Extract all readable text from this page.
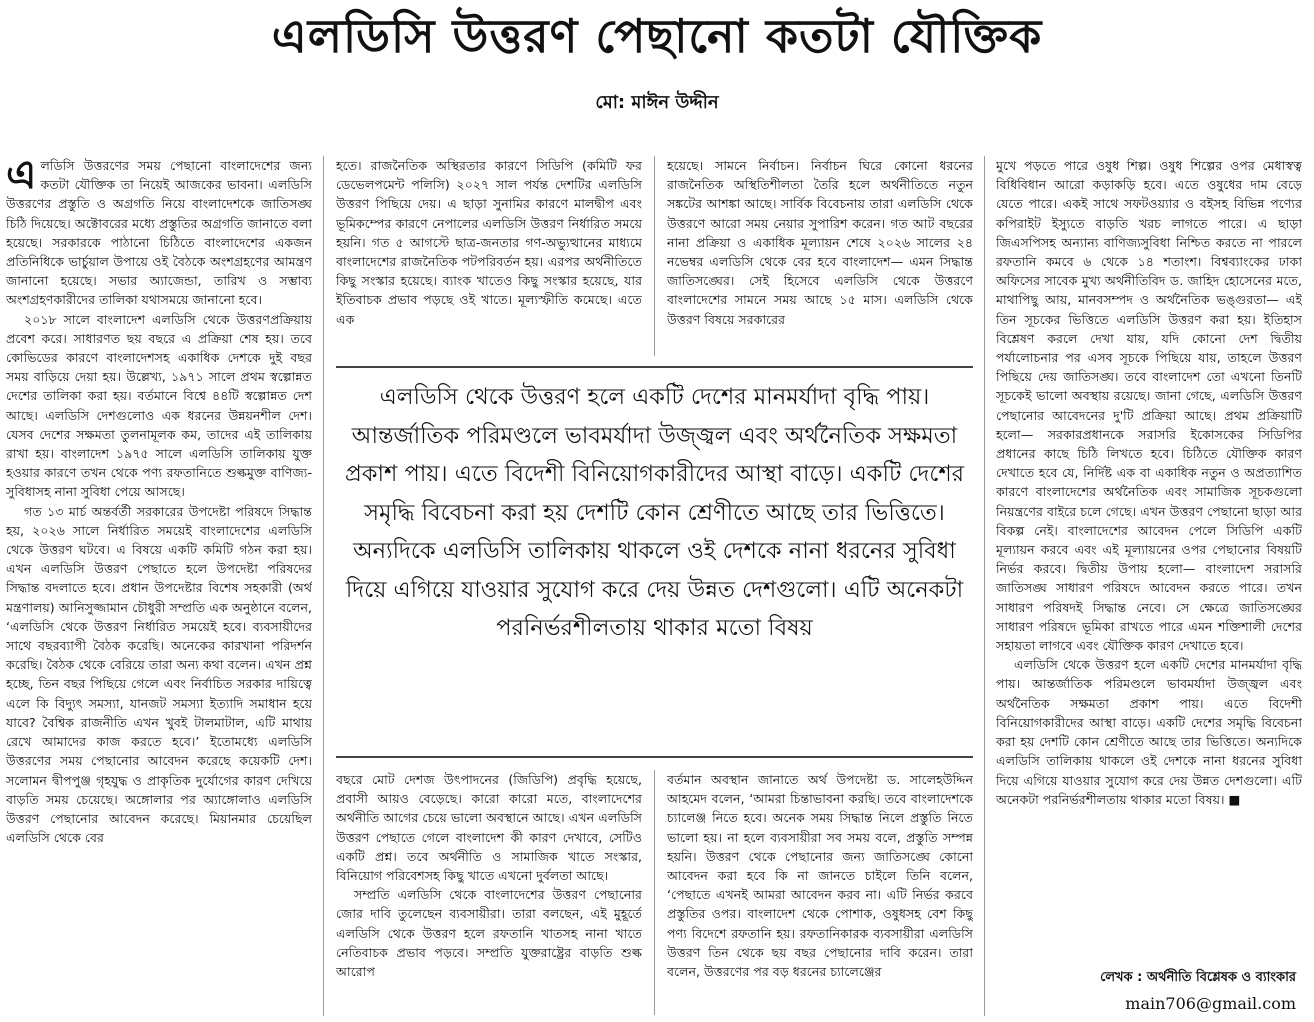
এলডিসি উত্তরণ পেছানো কতটা যৌক্তিক
মো: মাঈন উদ্দীন

এলডিসি উত্তরণের সময় পেছানো বাংলাদেশের জন্য কতটা যৌক্তিক তা নিয়েই আজকের ভাবনা। এলডিসি উত্তরণের প্রস্তুতি ও অগ্রগতি নিয়ে বাংলাদেশকে জাতিসঙ্ঘ চিঠি দিয়েছে। অক্টোবরের মধ্যে প্রস্তুতির অগ্রগতি জানাতে বলা হয়েছে। সরকারকে পাঠানো চিঠিতে বাংলাদেশের একজন প্রতিনিধিকে ভার্চুয়াল উপায়ে ওই বৈঠকে অংশগ্রহণের আমন্ত্রণ জানানো হয়েছে। সভার অ্যাজেন্ডা, তারিখ ও সম্ভাব্য অংশগ্রহণকারীদের তালিকা যথাসময়ে জানানো হবে।

২০১৮ সালে বাংলাদেশ এলডিসি থেকে উত্তরণপ্রক্রিয়ায় প্রবেশ করে। সাধারণত ছয় বছরে এ প্রক্রিয়া শেষ হয়। তবে কোভিডের কারণে বাংলাদেশসহ একাধিক দেশকে দুই বছর সময় বাড়িয়ে দেয়া হয়। উল্লেখ্য, ১৯৭১ সালে প্রথম স্বল্পোন্নত দেশের তালিকা করা হয়। বর্তমানে বিশ্বে ৪৪টি স্বল্পোন্নত দেশ আছে। এলডিসি দেশগুলোও এক ধরনের উন্নয়নশীল দেশ। যেসব দেশের সক্ষমতা তুলনামূলক কম, তাদের এই তালিকায় রাখা হয়। বাংলাদেশ ১৯৭৫ সালে এলডিসি তালিকায় যুক্ত হওয়ার কারণে তখন থেকে পণ্য রফতানিতে শুল্কমুক্ত বাণিজ্য-সুবিধাসহ নানা সুবিধা পেয়ে আসছে।

গত ১৩ মার্চ অন্তর্বর্তী সরকারের উপদেষ্টা পরিষদে সিদ্ধান্ত হয়, ২০২৬ সালে নির্ধারিত সময়েই বাংলাদেশের এলডিসি থেকে উত্তরণ ঘটবে। এ বিষয়ে একটি কমিটি গঠন করা হয়। এখন এলডিসি উত্তরণ পেছাতে হলে উপদেষ্টা পরিষদের সিদ্ধান্ত বদলাতে হবে। প্রধান উপদেষ্টার বিশেষ সহকারী (অর্থ মন্ত্রণালয়) আনিসুজ্জামান চৌধুরী সম্প্রতি এক অনুষ্ঠানে বলেন, ‘এলডিসি থেকে উত্তরণ নির্ধারিত সময়েই হবে। ব্যবসায়ীদের সাথে বছরব্যাপী বৈঠক করেছি। অনেকের কারখানা পরিদর্শন করেছি। বৈঠক থেকে বেরিয়ে তারা অন্য কথা বলেন। এখন প্রশ্ন হচ্ছে, তিন বছর পিছিয়ে গেলে এবং নির্বাচিত সরকার দায়িত্বে এলে কি বিদ্যুৎ সমস্যা, যানজট সমস্যা ইত্যাদি সমাধান হয়ে যাবে? বৈশ্বিক রাজনীতি এখন খুবই টালমাটাল, এটি মাথায় রেখে আমাদের কাজ করতে হবে।’ ইতোমধ্যে এলডিসি উত্তরণের সময় পেছানোর আবেদন করেছে কয়েকটি দেশ। সলোমন দ্বীপপুঞ্জ গৃহযুদ্ধ ও প্রাকৃতিক দুর্যোগের কারণ দেখিয়ে বাড়তি সময় চেয়েছে। অঙ্গোলার পর অ্যাঙ্গোলাও এলডিসি উত্তরণ পেছানোর আবেদন করেছে। মিয়ানমার চেয়েছিল এলডিসি থেকে বের

হতে। রাজনৈতিক অস্থিরতার কারণে সিডিপি (কমিটি ফর ডেভেলপমেন্ট পলিসি) ২০২৭ সাল পর্যন্ত দেশটির এলডিসি উত্তরণ পিছিয়ে দেয়। এ ছাড়া সুনামির কারণে মালদ্বীপ এবং ভূমিকম্পের কারণে নেপালের এলডিসি উত্তরণ নির্ধারিত সময়ে হয়নি। গত ৫ আগস্টে ছাত্র-জনতার গণ-অভ্যুত্থানের মাধ্যমে বাংলাদেশের রাজনৈতিক পটপরিবর্তন হয়। এরপর অর্থনীতিতে কিছু সংস্কার হয়েছে। ব্যাংক খাতেও কিছু সংস্কার হয়েছে, যার ইতিবাচক প্রভাব পড়ছে ওই খাতে। মূল্যস্ফীতি কমেছে। এতে এক

হয়েছে। সামনে নির্বাচন। নির্বাচন ঘিরে কোনো ধরনের রাজনৈতিক অস্থিতিশীলতা তৈরি হলে অর্থনীতিতে নতুন সঙ্কটের আশঙ্কা আছে। সার্বিক বিবেচনায় তারা এলডিসি থেকে উত্তরণে আরো সময় নেয়ার সুপারিশ করেন। গত আট বছরের নানা প্রক্রিয়া ও একাধিক মূল্যায়ন শেষে ২০২৬ সালের ২৪ নভেম্বর এলডিসি থেকে বের হবে বাংলাদেশ— এমন সিদ্ধান্ত জাতিসঙ্ঘের। সেই হিসেবে এলডিসি থেকে উত্তরণে বাংলাদেশের সামনে সময় আছে ১৫ মাস। এলডিসি থেকে উত্তরণ বিষয়ে সরকারের

এলডিসি থেকে উত্তরণ হলে একটি দেশের মানমর্যাদা বৃদ্ধি পায়। আন্তর্জাতিক পরিমণ্ডলে ভাবমর্যাদা উজ্জ্বল এবং অর্থনৈতিক সক্ষমতা প্রকাশ পায়। এতে বিদেশী বিনিয়োগকারীদের আস্থা বাড়ে। একটি দেশের সমৃদ্ধি বিবেচনা করা হয় দেশটি কোন শ্রেণীতে আছে তার ভিত্তিতে। অন্যদিকে এলডিসি তালিকায় থাকলে ওই দেশকে নানা ধরনের সুবিধা দিয়ে এগিয়ে যাওয়ার সুযোগ করে দেয় উন্নত দেশগুলো। এটি অনেকটা পরনির্ভরশীলতায় থাকার মতো বিষয়

বছরে মোট দেশজ উৎপাদনের (জিডিপি) প্রবৃদ্ধি হয়েছে, প্রবাসী আয়ও বেড়েছে। কারো কারো মতে, বাংলাদেশের অর্থনীতি আগের চেয়ে ভালো অবস্থানে আছে। এখন এলডিসি উত্তরণ পেছাতে গেলে বাংলাদেশ কী কারণ দেখাবে, সেটিও একটি প্রশ্ন। তবে অর্থনীতি ও সামাজিক খাতে সংস্কার, বিনিয়োগ পরিবেশসহ কিছু খাতে এখনো দুর্বলতা আছে।

সম্প্রতি এলডিসি থেকে বাংলাদেশের উত্তরণ পেছানোর জোর দাবি তুলেছেন ব্যবসায়ীরা। তারা বলছেন, এই মুহূর্তে এলডিসি থেকে উত্তরণ হলে রফতানি খাতসহ নানা খাতে নেতিবাচক প্রভাব পড়বে। সম্প্রতি যুক্তরাষ্ট্রের বাড়তি শুল্ক আরোপ

বর্তমান অবস্থান জানাতে অর্থ উপদেষ্টা ড. সালেহউদ্দিন আহমেদ বলেন, ‘আমরা চিন্তাভাবনা করছি। তবে বাংলাদেশকে চ্যালেঞ্জ নিতে হবে। অনেক সময় সিদ্ধান্ত নিলে প্রস্তুতি নিতে ভালো হয়। না হলে ব্যবসায়ীরা সব সময় বলে, প্রস্তুতি সম্পন্ন হয়নি। উত্তরণ থেকে পেছানোর জন্য জাতিসঙ্ঘে কোনো আবেদন করা হবে কি না জানতে চাইলে তিনি বলেন, ‘পেছাতে এখনই আমরা আবেদন করব না। এটি নির্ভর করবে প্রস্তুতির ওপর। বাংলাদেশ থেকে পোশাক, ওষুধসহ বেশ কিছু পণ্য বিদেশে রফতানি হয়। রফতানিকারক ব্যবসায়ীরা এলডিসি উত্তরণ তিন থেকে ছয় বছর পেছানোর দাবি করেন। তারা বলেন, উত্তরণের পর বড় ধরনের চ্যালেঞ্জের

মুখে পড়তে পারে ওষুধ শিল্প। ওষুধ শিল্পের ওপর মেধাস্বত্ব বিধিবিধান আরো কড়াকড়ি হবে। এতে ওষুধের দাম বেড়ে যেতে পারে। একই সাথে সফটওয়্যার ও বইসহ বিভিন্ন পণ্যের কপিরাইট ইস্যুতে বাড়তি খরচ লাগতে পারে। এ ছাড়া জিএসপিসহ অন্যান্য বাণিজ্যসুবিধা নিশ্চিত করতে না পারলে রফতানি কমবে ৬ থেকে ১৪ শতাংশ। বিশ্বব্যাংকের ঢাকা অফিসের সাবেক মুখ্য অর্থনীতিবিদ ড. জাহিদ হোসেনের মতে, মাথাপিছু আয়, মানবসম্পদ ও অর্থনৈতিক ভঙ্গুরতা— এই তিন সূচকের ভিত্তিতে এলডিসি উত্তরণ করা হয়। ইতিহাস বিশ্লেষণ করলে দেখা যায়, যদি কোনো দেশ দ্বিতীয় পর্যালোচনার পর এসব সূচকে পিছিয়ে যায়, তাহলে উত্তরণ পিছিয়ে দেয় জাতিসঙ্ঘ। তবে বাংলাদেশ তো এখনো তিনটি সূচকেই ভালো অবস্থায় রয়েছে। জানা গেছে, এলডিসি উত্তরণ পেছানোর আবেদনের দু'টি প্রক্রিয়া আছে। প্রথম প্রক্রিয়াটি হলো— সরকারপ্রধানকে সরাসরি ইকোসকের সিডিপির প্রধানের কাছে চিঠি লিখতে হবে। চিঠিতে যৌক্তিক কারণ দেখাতে হবে যে, নির্দিষ্ট এক বা একাধিক নতুন ও অপ্রত্যাশিত কারণে বাংলাদেশের অর্থনৈতিক এবং সামাজিক সূচকগুলো নিয়ন্ত্রণের বাইরে চলে গেছে। এখন উত্তরণ পেছানো ছাড়া আর বিকল্প নেই। বাংলাদেশের আবেদন পেলে সিডিপি একটি মূল্যায়ন করবে এবং এই মূল্যায়নের ওপর পেছানোর বিষয়টি নির্ভর করবে। দ্বিতীয় উপায় হলো— বাংলাদেশ সরাসরি জাতিসঙ্ঘ সাধারণ পরিষদে আবেদন করতে পারে। তখন সাধারণ পরিষদই সিদ্ধান্ত নেবে। সে ক্ষেত্রে জাতিসঙ্ঘের সাধারণ পরিষদে ভূমিকা রাখতে পারে এমন শক্তিশালী দেশের সহায়তা লাগবে এবং যৌক্তিক কারণ দেখাতে হবে।

এলডিসি থেকে উত্তরণ হলে একটি দেশের মানমর্যাদা বৃদ্ধি পায়। আন্তর্জাতিক পরিমণ্ডলে ভাবমর্যাদা উজ্জ্বল এবং অর্থনৈতিক সক্ষমতা প্রকাশ পায়। এতে বিদেশী বিনিয়োগকারীদের আস্থা বাড়ে। একটি দেশের সমৃদ্ধি বিবেচনা করা হয় দেশটি কোন শ্রেণীতে আছে তার ভিত্তিতে। অন্যদিকে এলডিসি তালিকায় থাকলে ওই দেশকে নানা ধরনের সুবিধা দিয়ে এগিয়ে যাওয়ার সুযোগ করে দেয় উন্নত দেশগুলো। এটি অনেকটা পরনির্ভরশীলতায় থাকার মতো বিষয়। ■

লেখক : অর্থনীতি বিশ্লেষক ও ব্যাংকার
main706@gmail.com
